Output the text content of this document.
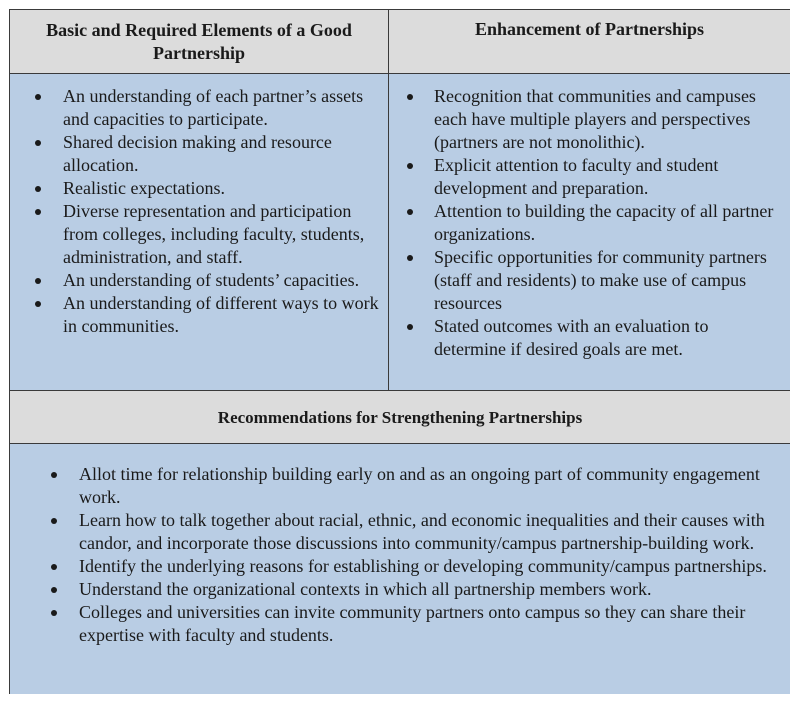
Basic and Required Elements of a Good Partnership
Enhancement of Partnerships
An understanding of each partner’s assets and capacities to participate.
Shared decision making and resource allocation.
Realistic expectations.
Diverse representation and participation from colleges, including faculty, students, administration, and staff.
An understanding of students’ capacities.
An understanding of different ways to work in communities.
Recognition that communities and campuses each have multiple players and perspectives (partners are not monolithic).
Explicit attention to faculty and student development and preparation.
Attention to building the capacity of all partner organizations.
Specific opportunities for community partners (staff and residents) to make use of campus resources
Stated outcomes with an evaluation to determine if desired goals are met.
Recommendations for Strengthening Partnerships
Allot time for relationship building early on and as an ongoing part of community engagement work.
Learn how to talk together about racial, ethnic, and economic inequalities and their causes with candor, and incorporate those discussions into community/campus partnership-building work.
Identify the underlying reasons for establishing or developing community/campus partnerships.
Understand the organizational contexts in which all partnership members work.
Colleges and universities can invite community partners onto campus so they can share their expertise with faculty and students.
